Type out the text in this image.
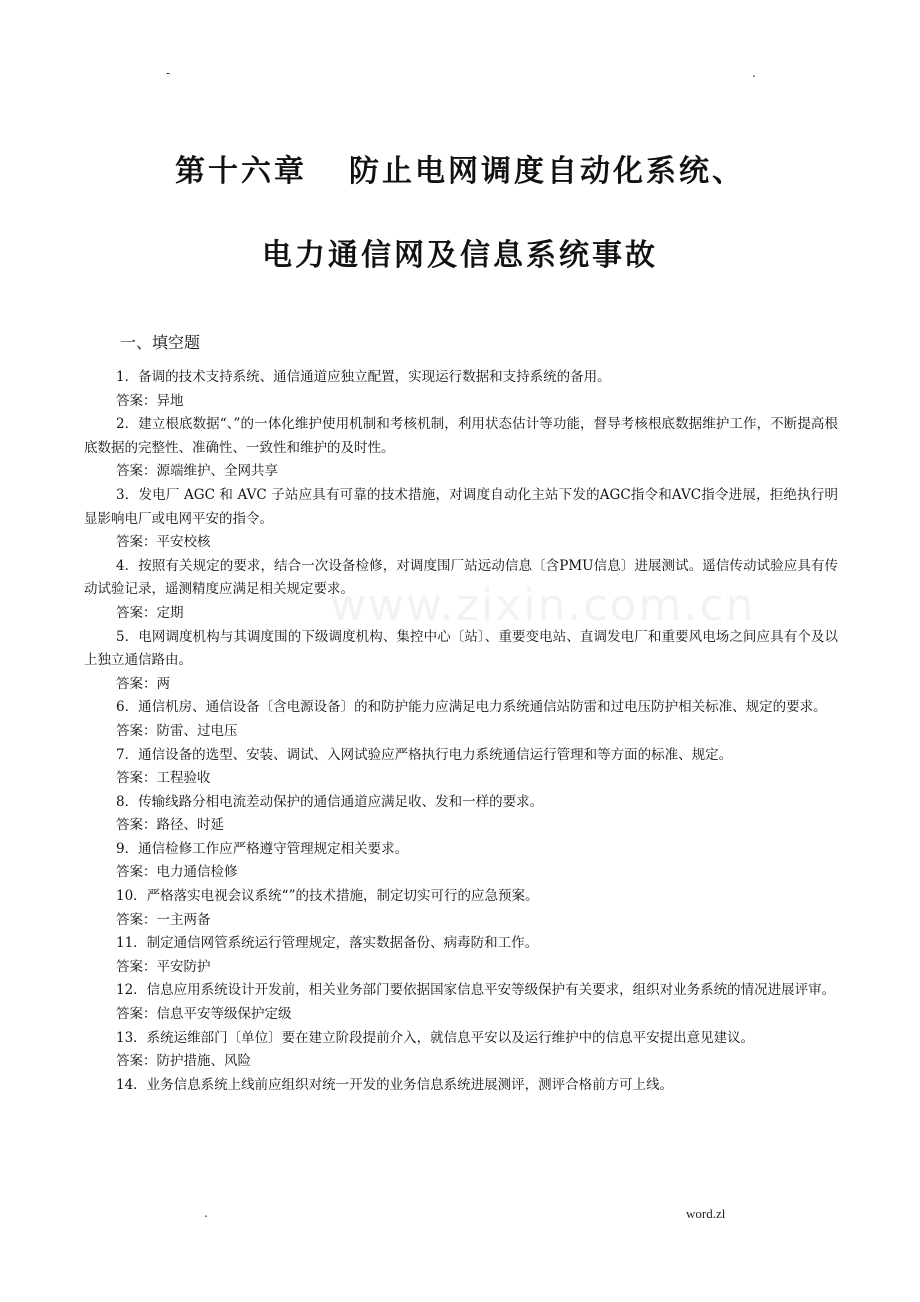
-	.
www.zixin.com.cn
第十六章 防止电网调度自动化系统、
电力通信网及信息系统事故
一、填空题

1．备调的技术支持系统、通信通道应独立配置，实现运行数据和支持系统的备用。

答案：异地

2．建立根底数据“、”的一体化维护使用机制和考核机制，利用状态估计等功能，督导考核根底数据维护工作，不断提高根底数据的完整性、准确性、一致性和维护的及时性。

答案：源端维护、全网共享

3．发电厂 AGC 和 AVC 子站应具有可靠的技术措施，对调度自动化主站下发的AGC指令和AVC指令进展，拒绝执行明显影响电厂或电网平安的指令。

答案：平安校核

4．按照有关规定的要求，结合一次设备检修，对调度围厂站远动信息〔含PMU信息〕进展测试。遥信传动试验应具有传动试验记录，遥测精度应满足相关规定要求。

答案：定期

5．电网调度机构与其调度围的下级调度机构、集控中心〔站〕、重要变电站、直调发电厂和重要风电场之间应具有个及以上独立通信路由。

答案：两

6．通信机房、通信设备〔含电源设备〕的和防护能力应满足电力系统通信站防雷和过电压防护相关标准、规定的要求。

答案：防雷、过电压

7．通信设备的选型、安装、调试、入网试验应严格执行电力系统通信运行管理和等方面的标准、规定。

答案：工程验收

8．传输线路分相电流差动保护的通信通道应满足收、发和一样的要求。

答案：路径、时延

9．通信检修工作应严格遵守管理规定相关要求。

答案：电力通信检修

10．严格落实电视会议系统“”的技术措施，制定切实可行的应急预案。

答案：一主两备

11．制定通信网管系统运行管理规定，落实数据备份、病毒防和工作。

答案：平安防护

12．信息应用系统设计开发前，相关业务部门要依据国家信息平安等级保护有关要求，组织对业务系统的情况进展评审。

答案：信息平安等级保护定级

13．系统运维部门〔单位〕要在建立阶段提前介入，就信息平安以及运行维护中的信息平安提出意见建议。

答案：防护措施、风险

14．业务信息系统上线前应组织对统一开发的业务信息系统进展测评，测评合格前方可上线。

.	word.zl
